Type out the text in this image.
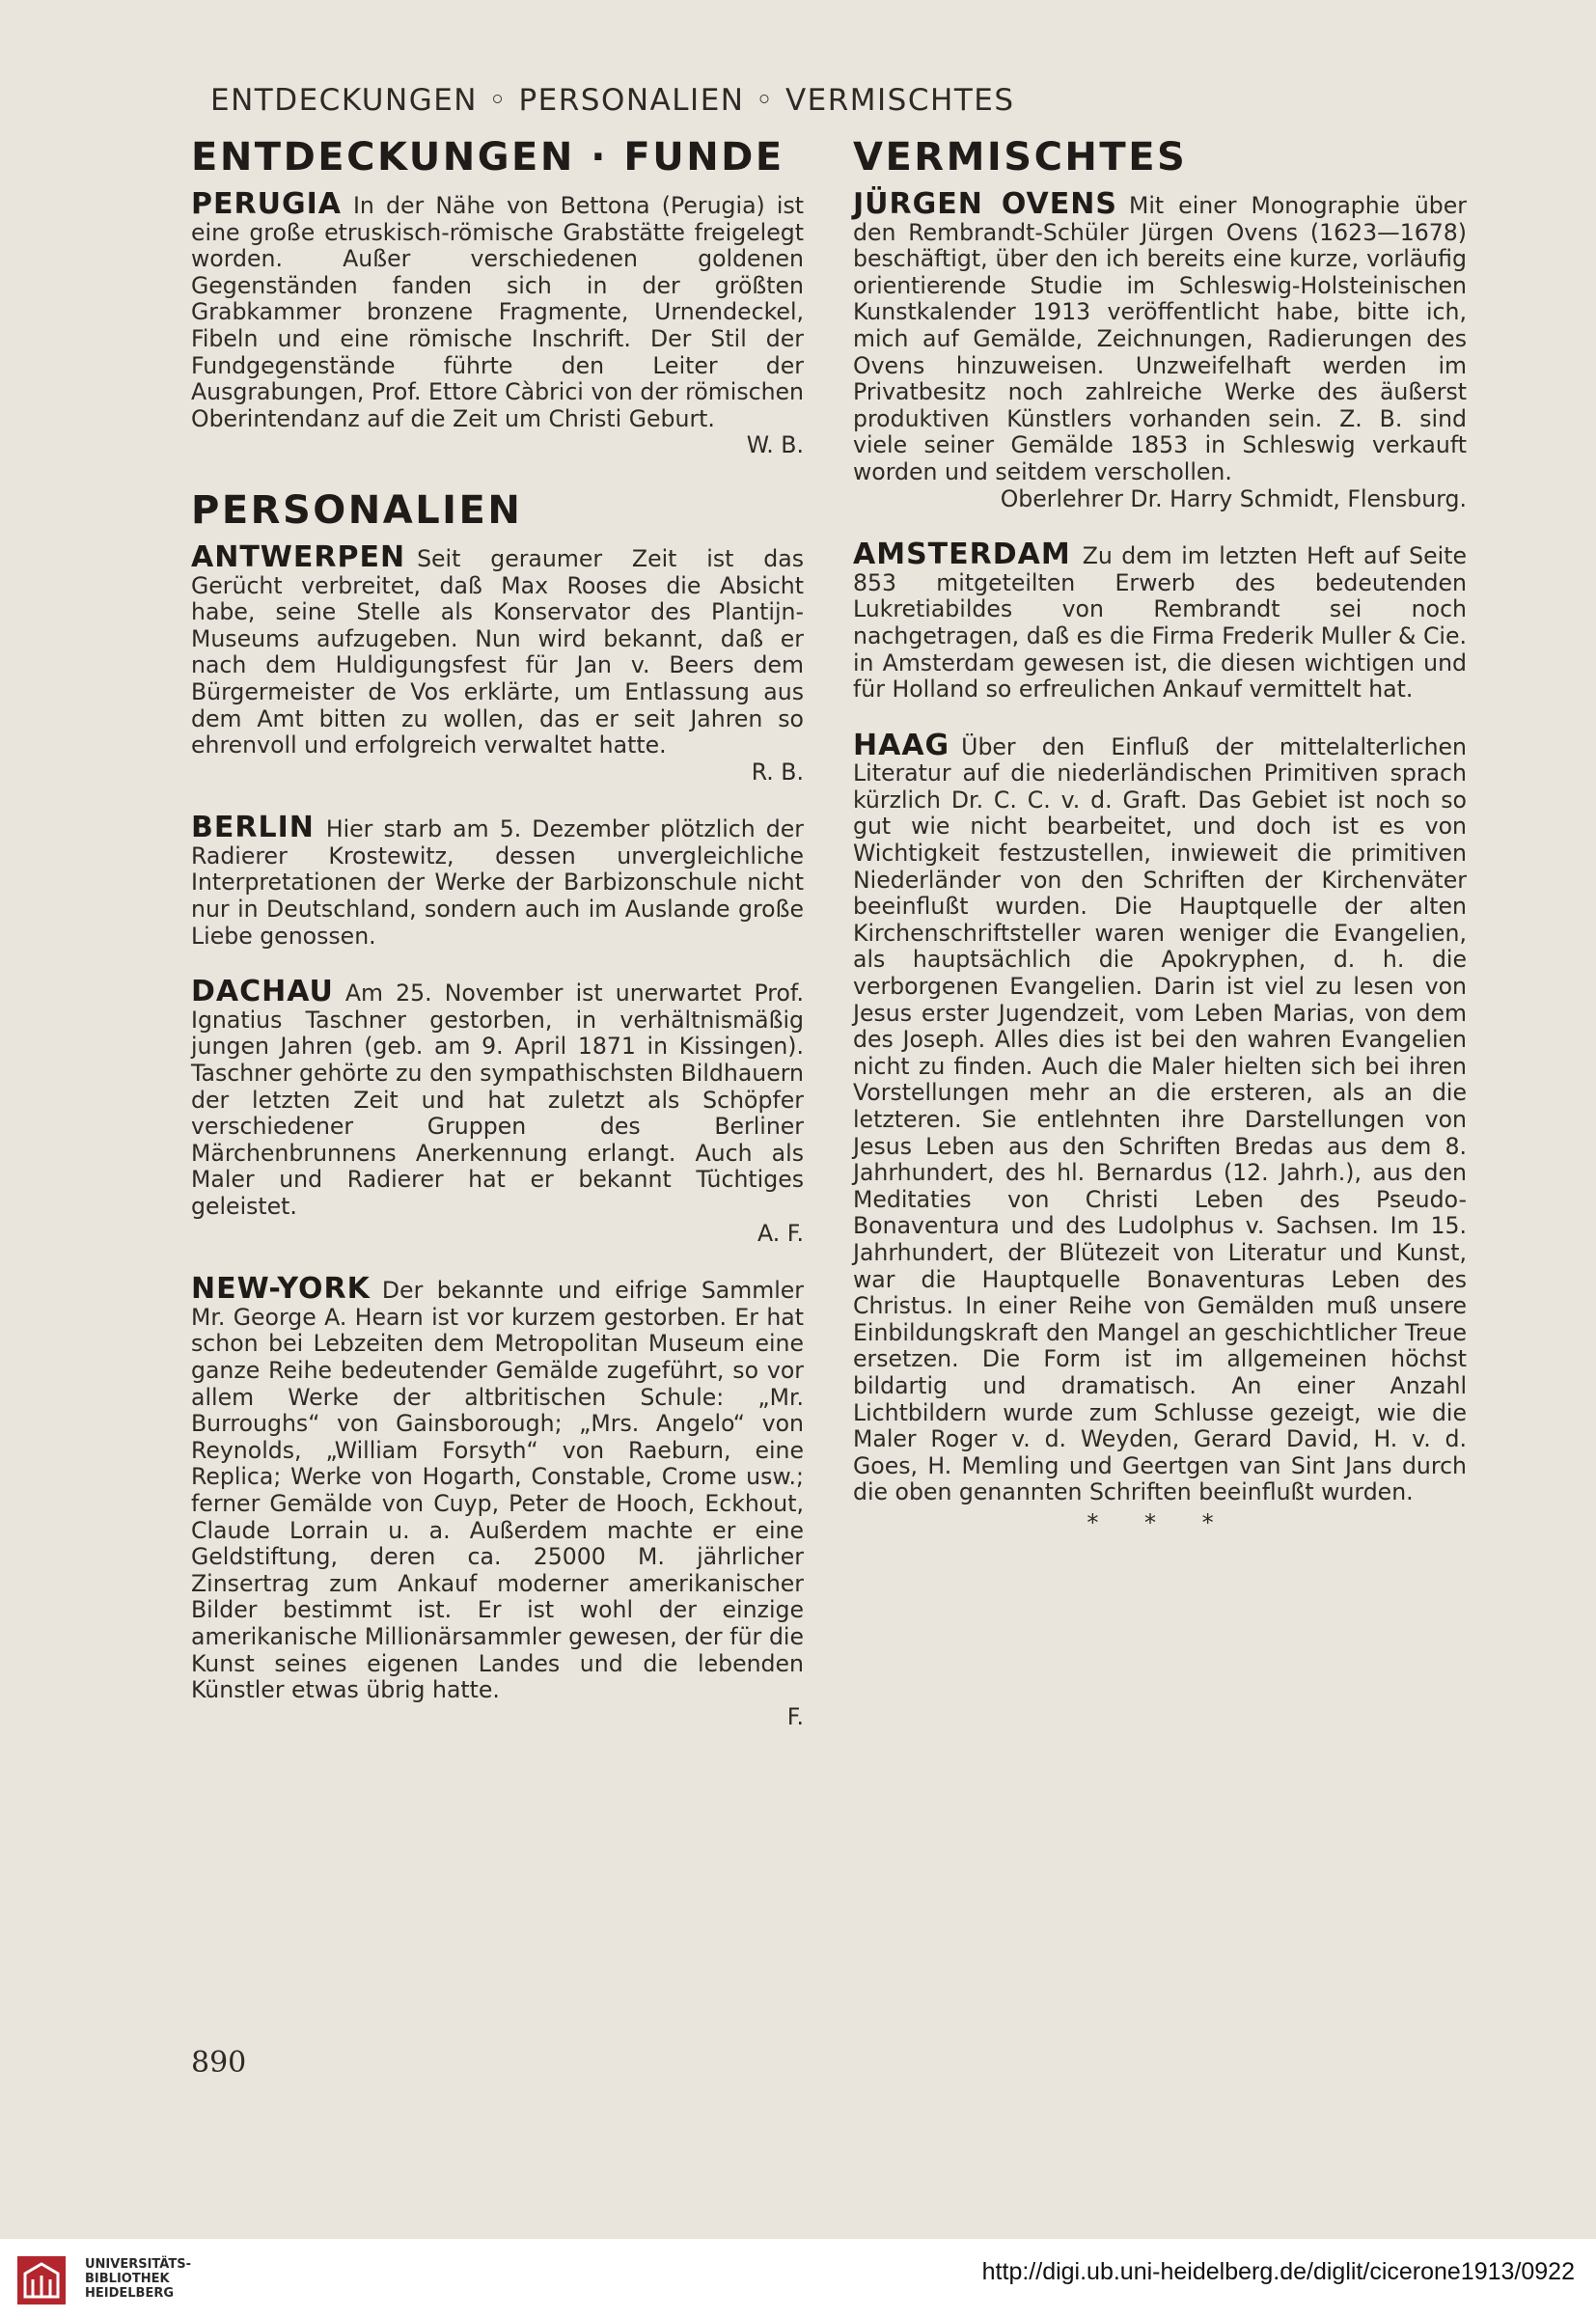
ENTDECKUNGEN ◦ PERSONALIEN ◦ VERMISCHTES
ENTDECKUNGEN · FUNDE

PERUGIA In der Nähe von Bettona (Perugia) ist eine große etruskisch-römische Grabstätte freigelegt worden. Außer verschiedenen goldenen Gegenständen fanden sich in der größten Grabkammer bronzene Fragmente, Urnendeckel, Fibeln und eine römische Inschrift. Der Stil der Fundgegenstände führte den Leiter der Ausgrabungen, Prof. Ettore Càbrici von der römischen Oberintendanz auf die Zeit um Christi Geburt.

W. B.
PERSONALIEN

ANTWERPEN Seit geraumer Zeit ist das Gerücht verbreitet, daß Max Rooses die Absicht habe, seine Stelle als Konservator des Plantijn-Museums aufzugeben. Nun wird bekannt, daß er nach dem Huldigungsfest für Jan v. Beers dem Bürgermeister de Vos erklärte, um Entlassung aus dem Amt bitten zu wollen, das er seit Jahren so ehrenvoll und erfolgreich verwaltet hatte.

R. B.

BERLIN Hier starb am 5. Dezember plötzlich der Radierer Krostewitz, dessen unvergleichliche Interpretationen der Werke der Barbizonschule nicht nur in Deutschland, sondern auch im Auslande große Liebe genossen.

DACHAU Am 25. November ist unerwartet Prof. Ignatius Taschner gestorben, in verhältnismäßig jungen Jahren (geb. am 9. April 1871 in Kissingen). Taschner gehörte zu den sympathischsten Bildhauern der letzten Zeit und hat zuletzt als Schöpfer verschiedener Gruppen des Berliner Märchenbrunnens Anerkennung erlangt. Auch als Maler und Radierer hat er bekannt Tüchtiges geleistet.

A. F.

NEW-YORK Der bekannte und eifrige Sammler Mr. George A. Hearn ist vor kurzem gestorben. Er hat schon bei Lebzeiten dem Metropolitan Museum eine ganze Reihe bedeutender Gemälde zugeführt, so vor allem Werke der altbritischen Schule: „Mr. Burroughs“ von Gainsborough; „Mrs. Angelo“ von Reynolds, „William Forsyth“ von Raeburn, eine Replica; Werke von Hogarth, Constable, Crome usw.; ferner Gemälde von Cuyp, Peter de Hooch, Eckhout, Claude Lorrain u. a. Außerdem machte er eine Geldstiftung, deren ca. 25000 M. jährlicher Zinsertrag zum Ankauf moderner amerikanischer Bilder bestimmt ist. Er ist wohl der einzige amerikanische Millionärsammler gewesen, der für die Kunst seines eigenen Landes und die lebenden Künstler etwas übrig hatte.

F.
VERMISCHTES

JÜRGEN OVENS Mit einer Monographie über den Rembrandt-Schüler Jürgen Ovens (1623—1678) beschäftigt, über den ich bereits eine kurze, vorläufig orientierende Studie im Schleswig-Holsteinischen Kunstkalender 1913 veröffentlicht habe, bitte ich, mich auf Gemälde, Zeichnungen, Radierungen des Ovens hinzuweisen. Unzweifelhaft werden im Privatbesitz noch zahlreiche Werke des äußerst produktiven Künstlers vorhanden sein. Z. B. sind viele seiner Gemälde 1853 in Schleswig verkauft worden und seitdem verschollen.

Oberlehrer Dr. Harry Schmidt, Flensburg.

AMSTERDAM Zu dem im letzten Heft auf Seite 853 mitgeteilten Erwerb des bedeutenden Lukretiabildes von Rembrandt sei noch nachgetragen, daß es die Firma Frederik Muller & Cie. in Amsterdam gewesen ist, die diesen wichtigen und für Holland so erfreulichen Ankauf vermittelt hat.

HAAG Über den Einfluß der mittelalterlichen Literatur auf die niederländischen Primitiven sprach kürzlich Dr. C. C. v. d. Graft. Das Gebiet ist noch so gut wie nicht bearbeitet, und doch ist es von Wichtigkeit festzustellen, inwieweit die primitiven Niederländer von den Schriften der Kirchenväter beeinflußt wurden. Die Hauptquelle der alten Kirchenschriftsteller waren weniger die Evangelien, als hauptsächlich die Apokryphen, d. h. die verborgenen Evangelien. Darin ist viel zu lesen von Jesus erster Jugendzeit, vom Leben Marias, von dem des Joseph. Alles dies ist bei den wahren Evangelien nicht zu finden. Auch die Maler hielten sich bei ihren Vorstellungen mehr an die ersteren, als an die letzteren. Sie entlehnten ihre Darstellungen von Jesus Leben aus den Schriften Bredas aus dem 8. Jahrhundert, des hl. Bernardus (12. Jahrh.), aus den Meditaties von Christi Leben des Pseudo-Bonaventura und des Ludolphus v. Sachsen. Im 15. Jahrhundert, der Blütezeit von Literatur und Kunst, war die Hauptquelle Bonaventuras Leben des Christus. In einer Reihe von Gemälden muß unsere Einbildungskraft den Mangel an geschichtlicher Treue ersetzen. Die Form ist im allgemeinen höchst bildartig und dramatisch. An einer Anzahl Lichtbildern wurde zum Schlusse gezeigt, wie die Maler Roger v. d. Weyden, Gerard David, H. v. d. Goes, H. Memling und Geertgen van Sint Jans durch die oben genannten Schriften beeinflußt wurden.

* * *
890
UNIVERSITÄTS-
BIBLIOTHEK
HEIDELBERG
http://digi.ub.uni-heidelberg.de/diglit/cicerone1913/0922
